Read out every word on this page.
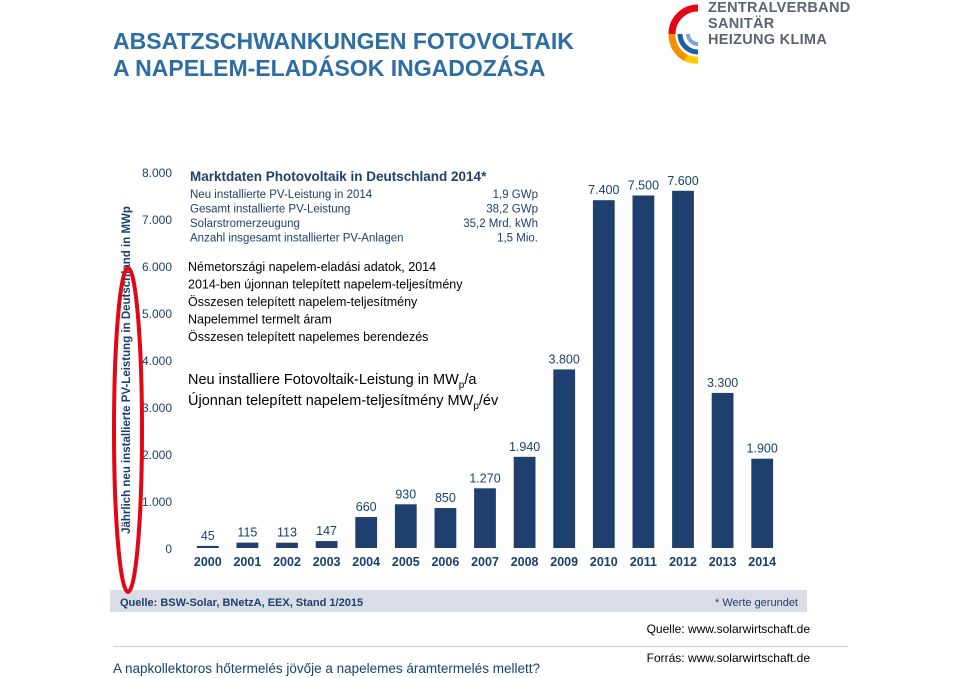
ABSATZSCHWANKUNGEN FOTOVOLTAIK
A NAPELEM-ELADÁSOK INGADOZÁSA
ZENTRALVERBAND
SANITÄR
HEIZUNG KLIMA
Jährlich neu installierte PV-Leistung in Deutschland in MWp
0
1.000
2.000
3.000
4.000
5.000
6.000
7.000
8.000
45 115 113 147
660
930 850
1.270
1.940
3.800
7.400 7.500 7.600
3.300
1.900
2000 2001 2002 2003 2004 2005 2006 2007 2008 2009 2010 2011 2012 2013 2014
Marktdaten Photovoltaik in Deutschland 2014*
Neu installierte PV-Leistung in 2014	1,9 GWp
Gesamt installierte PV-Leistung	38,2 GWp
Solarstromerzeugung	35,2 Mrd. kWh
Anzahl insgesamt installierter PV-Anlagen	1,5 Mio.
Németországi napelem-eladási adatok, 2014
2014-ben újonnan telepített napelem-teljesítmény
Összesen telepített napelem-teljesítmény
Napelemmel termelt áram
Összesen telepített napelemes berendezés
Neu installiere Fotovoltaik-Leistung in $MW_p/a$
Újonnan telepített napelem-teljesítmény $MW_p/év$
Quelle: BSW-Solar, BNetzA, EEX, Stand 1/2015	* Werte gerundet
Quelle: www.solarwirtschaft.de
Forrás: www.solarwirtschaft.de
A napkollektoros hőtermelés jövője a napelemes áramtermelés mellett?
